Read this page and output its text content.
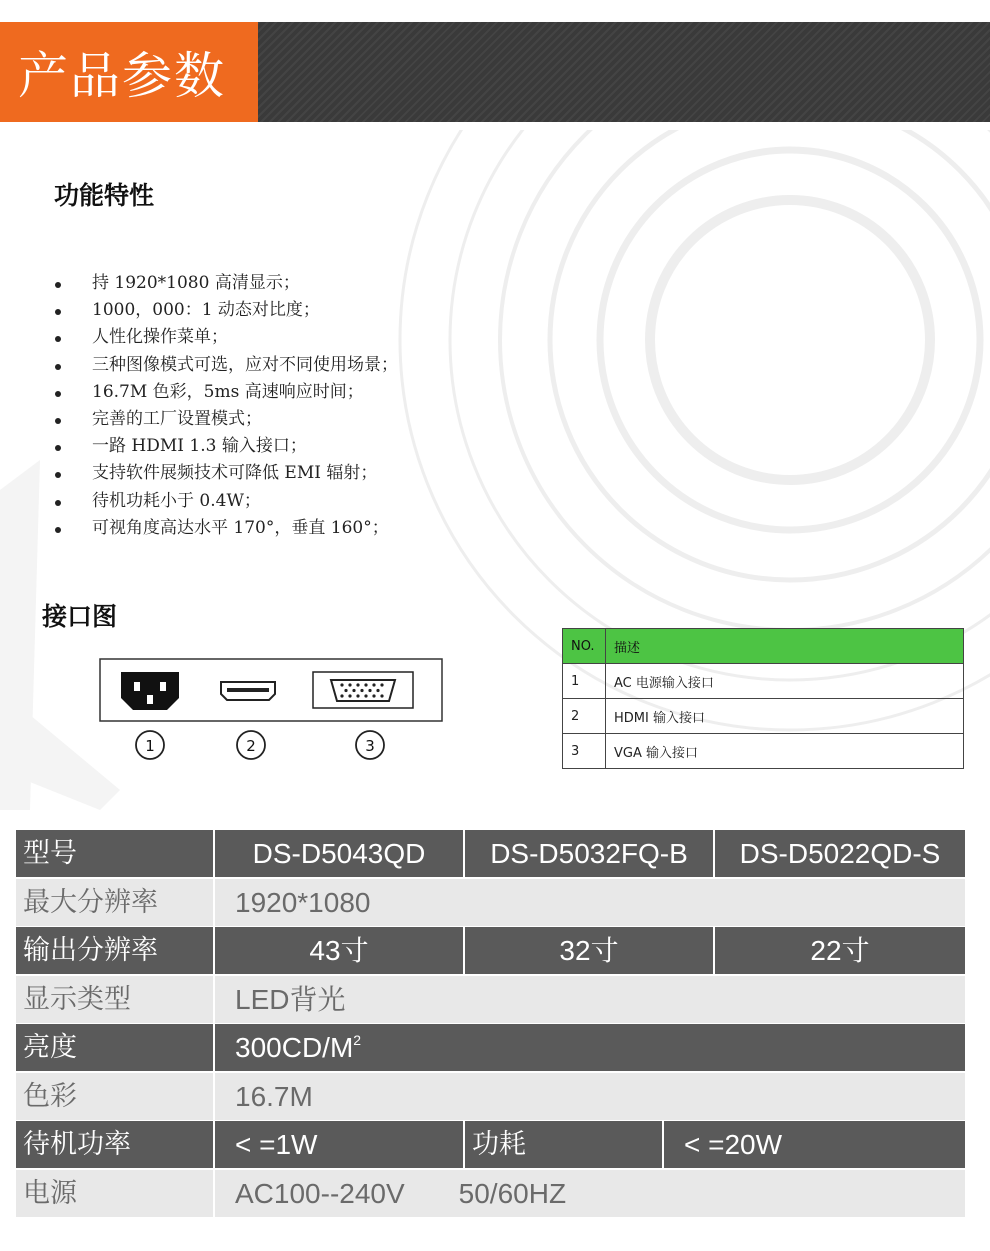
产品参数
功能特性
持 1920*1080 高清显示；
1000，000：1 动态对比度；
人性化操作菜单；
三种图像模式可选，应对不同使用场景；
16.7M 色彩，5ms 高速响应时间；
完善的工厂设置模式；
一路 HDMI 1.3 输入接口；
支持软件展频技术可降低 EMI 辐射；
待机功耗小于 0.4W；
可视角度高达水平 170°，垂直 160°；
接口图
1	2	3
NO.	描述
1	AC 电源输入接口
2	HDMI 输入接口
3	VGA 输入接口
型号	DS-D5043QD	DS-D5032FQ-B	DS-D5022QD-S
最大分辨率	1920*1080
输出分辨率	43寸	32寸	22寸
显示类型	LED背光
亮度	$300CD/M^2$
色彩	16.7M
待机功率	< =1W	功耗	< =20W
电源	AC100--240V 50/60HZ
